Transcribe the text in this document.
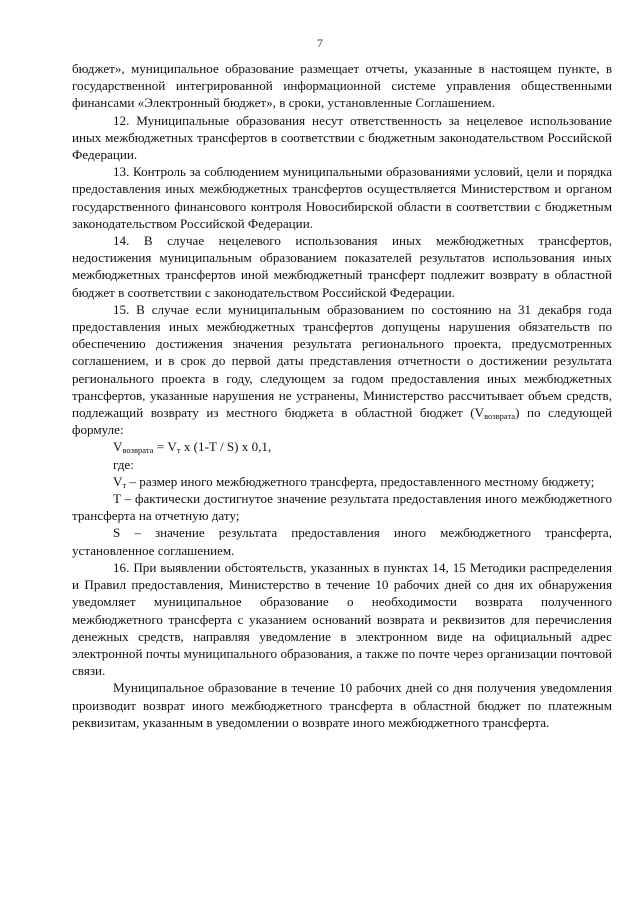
7

бюджет», муниципальное образование размещает отчеты, указанные в настоящем пункте, в государственной интегрированной информационной системе управления общественными финансами «Электронный бюджет», в сроки, установленные Соглашением.

12. Муниципальные образования несут ответственность за нецелевое использование иных межбюджетных трансфертов в соответствии с бюджетным законодательством Российской Федерации.

13. Контроль за соблюдением муниципальными образованиями условий, цели и порядка предоставления иных межбюджетных трансфертов осуществляется Министерством и органом государственного финансового контроля Новосибирской области в соответствии с бюджетным законодательством Российской Федерации.

14. В случае нецелевого использования иных межбюджетных трансфертов, недостижения муниципальным образованием показателей результатов использования иных межбюджетных трансфертов иной межбюджетный трансферт подлежит возврату в областной бюджет в соответствии с законодательством Российской Федерации.

15. В случае если муниципальным образованием по состоянию на 31 декабря года предоставления иных межбюджетных трансфертов допущены нарушения обязательств по обеспечению достижения значения результата регионального проекта, предусмотренных соглашением, и в срок до первой даты представления отчетности о достижении результата регионального проекта в году, следующем за годом предоставления иных межбюджетных трансфертов, указанные нарушения не устранены, Министерство рассчитывает объем средств, подлежащий возврату из местного бюджета в областной бюджет $(V_{возврата})$ по следующей формуле:

$V_{возврата} = V_т$ х (1-T / S) х 0,1,

где:

$V_т$ – размер иного межбюджетного трансферта, предоставленного местному бюджету;

T – фактически достигнутое значение результата предоставления иного межбюджетного трансферта на отчетную дату;

S – значение результата предоставления иного межбюджетного трансферта, установленное соглашением.

16. При выявлении обстоятельств, указанных в пунктах 14, 15 Методики распределения и Правил предоставления, Министерство в течение 10 рабочих дней со дня их обнаружения уведомляет муниципальное образование о необходимости возврата полученного межбюджетного трансферта с указанием оснований возврата и реквизитов для перечисления денежных средств, направляя уведомление в электронном виде на официальный адрес электронной почты муниципального образования, а также по почте через организации почтовой связи.

Муниципальное образование в течение 10 рабочих дней со дня получения уведомления производит возврат иного межбюджетного трансферта в областной бюджет по платежным реквизитам, указанным в уведомлении о возврате иного межбюджетного трансферта.
